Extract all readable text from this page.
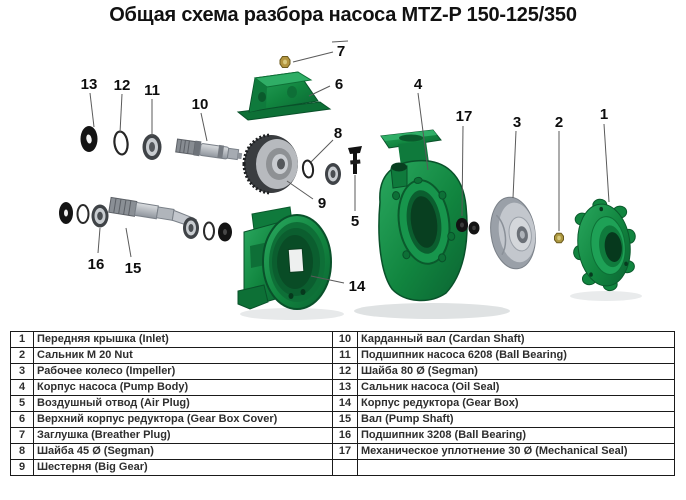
Общая схема разбора насоса MTZ-P 150-125/350
13 12 11
10
7
6
8
9
5
4
17	3 2 1
16 15
14
1	Передняя крышка (Inlet)	10	Карданный вал (Cardan Shaft)
2	Сальник M 20 Nut	11	Подшипник насоса 6208 (Ball Bearing)
3	Рабочее колесо (Impeller)	12	Шайба 80 Ø (Segman)
4	Корпус насоса (Pump Body)	13	Сальник насоса (Oil Seal)
5	Воздушный отвод (Air Plug)	14	Корпус редуктора (Gear Box)
6	Верхний корпус редуктора (Gear Box Cover)	15	Вал (Pump Shaft)
7	Заглушка (Breather Plug)	16	Подшипник 3208 (Ball Bearing)
8	Шайба 45 Ø (Segman)	17	Механическое уплотнение 30 Ø (Mechanical Seal)
9	Шестерня (Big Gear)		
